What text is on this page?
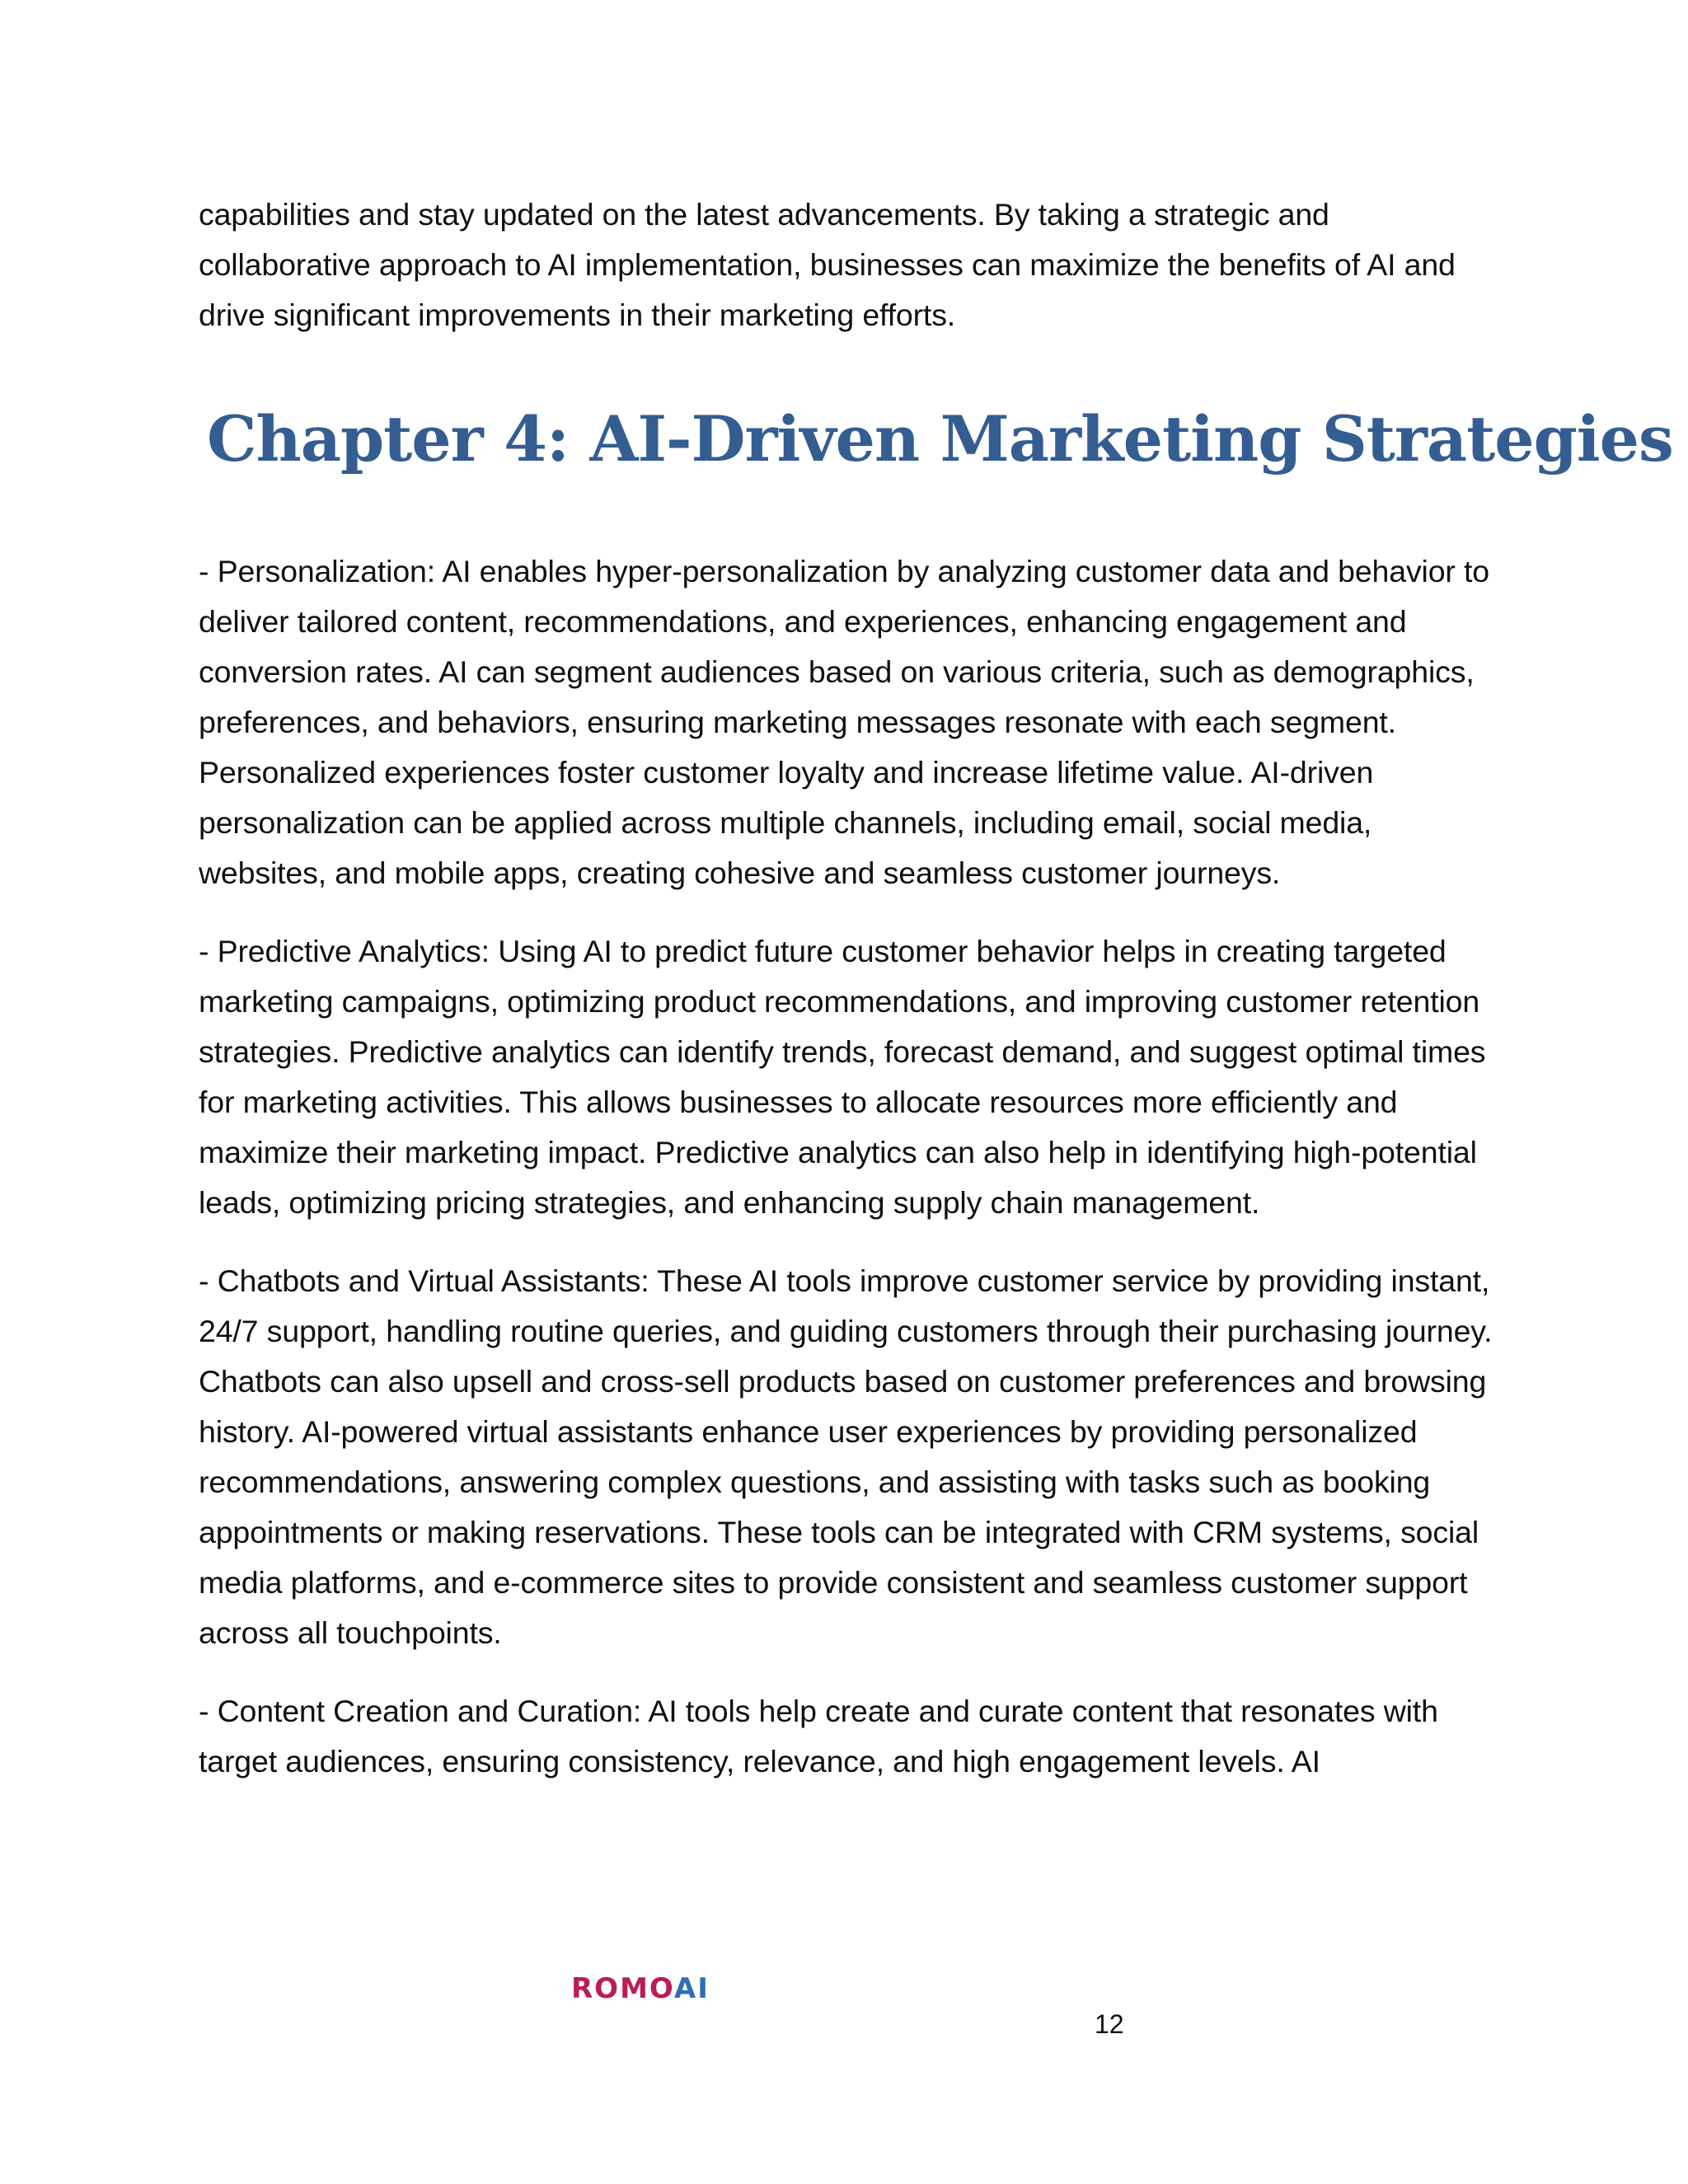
capabilities and stay updated on the latest advancements. By taking a strategic and collaborative approach to AI implementation, businesses can maximize the benefits of AI and drive significant improvements in their marketing efforts.

Chapter 4: AI-Driven Marketing Strategies

- Personalization: AI enables hyper-personalization by analyzing customer data and behavior to deliver tailored content, recommendations, and experiences, enhancing engagement and conversion rates. AI can segment audiences based on various criteria, such as demographics, preferences, and behaviors, ensuring marketing messages resonate with each segment. Personalized experiences foster customer loyalty and increase lifetime value. AI-driven personalization can be applied across multiple channels, including email, social media, websites, and mobile apps, creating cohesive and seamless customer journeys.

- Predictive Analytics: Using AI to predict future customer behavior helps in creating targeted marketing campaigns, optimizing product recommendations, and improving customer retention strategies. Predictive analytics can identify trends, forecast demand, and suggest optimal times for marketing activities. This allows businesses to allocate resources more efficiently and maximize their marketing impact. Predictive analytics can also help in identifying high-potential leads, optimizing pricing strategies, and enhancing supply chain management.

- Chatbots and Virtual Assistants: These AI tools improve customer service by providing instant, 24/7 support, handling routine queries, and guiding customers through their purchasing journey. Chatbots can also upsell and cross-sell products based on customer preferences and browsing history. AI-powered virtual assistants enhance user experiences by providing personalized recommendations, answering complex questions, and assisting with tasks such as booking appointments or making reservations. These tools can be integrated with CRM systems, social media platforms, and e-commerce sites to provide consistent and seamless customer support across all touchpoints.

- Content Creation and Curation: AI tools help create and curate content that resonates with target audiences, ensuring consistency, relevance, and high engagement levels. AI

ROMOAI
12
